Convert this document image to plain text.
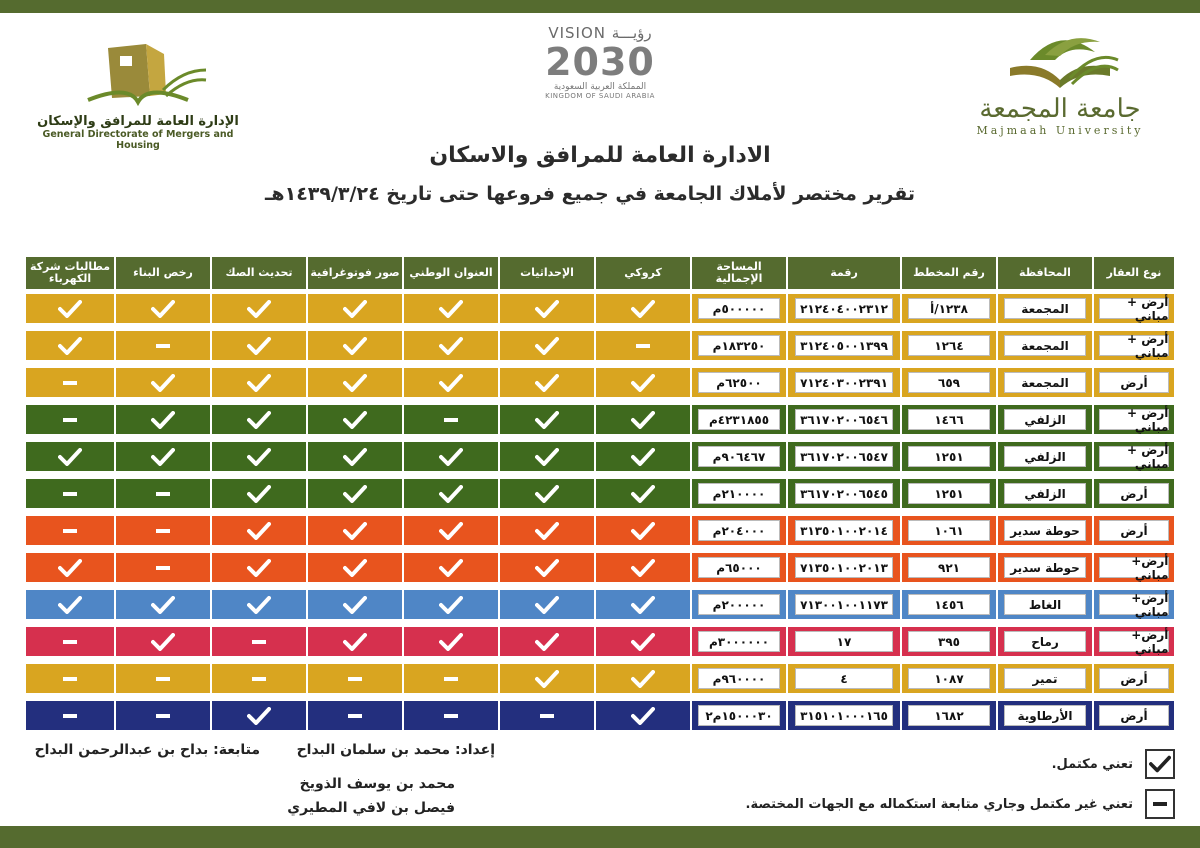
جامعة المجمعة
Majmaah University
VISION رؤيـــة
2030
المملكة العربية السعودية
KINGDOM OF SAUDI ARABIA
الإدارة العامة للمرافق والإسكان
General Directorate of Mergers and Housing	الادارة العامة للمرافق والاسكان
تقرير مختصر لأملاك الجامعة في جميع فروعها حتى تاريخ ١٤٣٩/٣/٢٤هـ
نوع العقار
المحافظة
رقم المخطط
رقمة
المساحة الإجمالية
كروكي
الإحداثيات
العنوان الوطني
صور فوتوغرافية
تحديث الصك
رخص البناء
مطالبات شركة الكهرباء
أرض + مباني
المجمعة
١٢٣٨/أ
٢١٢٤٠٤٠٠٢٣١٢
٥٠٠٠٠٠م
أرض + مباني
المجمعة
١٢٦٤
٣١٢٤٠٥٠٠١٣٩٩
١٨٣٢٥٠م
أرض
المجمعة
٦٥٩
٧١٢٤٠٣٠٠٢٣٩١
٦٢٥٠٠م
أرض + مباني
الزلفي
١٤٦٦
٣٦١٧٠٢٠٠٦٥٤٦
٤٢٣١٨٥٥م
أرض + مباني
الزلفي
١٢٥١
٣٦١٧٠٢٠٠٦٥٤٧
٩٠٦٤٦٧م
أرض
الزلفي
١٢٥١
٣٦١٧٠٢٠٠٦٥٤٥
٢١٠٠٠٠م
أرض
حوطة سدير
١٠٦١
٣١٣٥٠١٠٠٢٠١٤
٢٠٤٠٠٠م
أرض+ مباني
حوطة سدير
٩٢١
٧١٣٥٠١٠٠٢٠١٣
٦٥٠٠٠م
أرض+ مباني
الغاط
١٤٥٦
٧١٣٠٠١٠٠١١٧٣
٢٠٠٠٠٠م
أرض+ مباني
رماح
٣٩٥
١٧
٣٠٠٠٠٠٠م
أرض
تمير
١٠٨٧
٤
٩٦٠٠٠٠م
أرض
الأرطاوية
١٦٨٢
٣١٥١٠١٠٠٠١٦٥
١٥٠٠٠٣٠م٢
إعداد: محمد بن سلمان البداح
متابعة: بداح بن عبدالرحمن البداح
محمد بن يوسف الذويخ
فيصل بن لافي المطيري
تعني مكتمل.
تعني غير مكتمل وجاري متابعة استكماله مع الجهات المختصة.
